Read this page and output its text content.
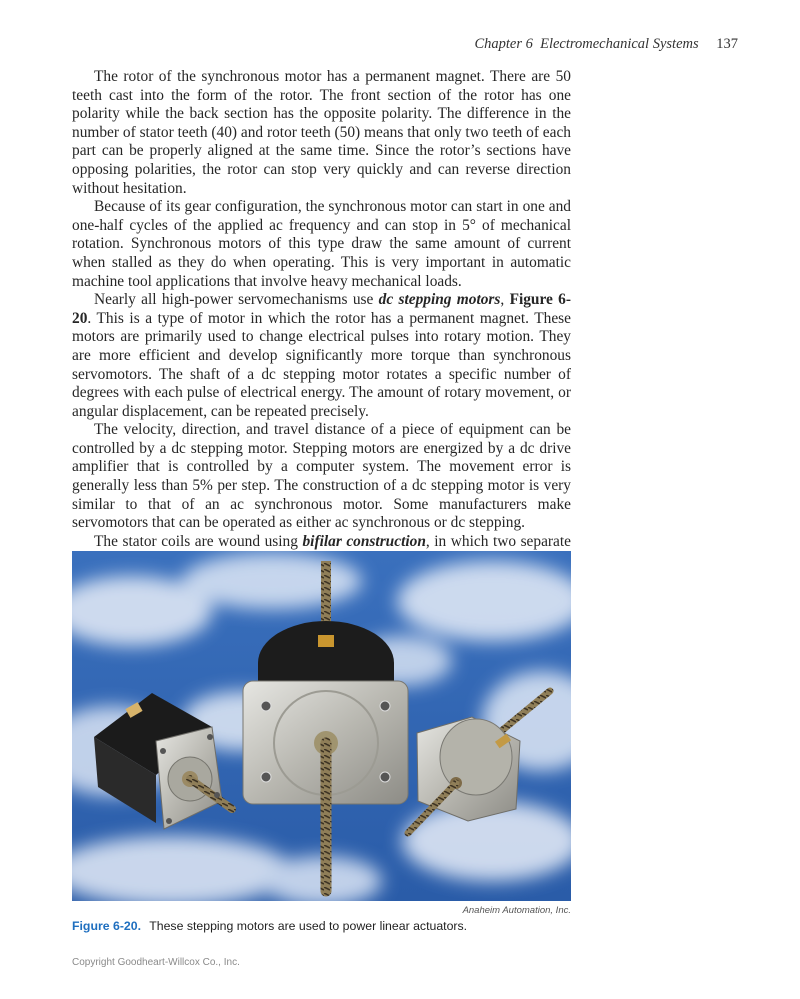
Chapter 6 Electromechanical Systems 137

The rotor of the synchronous motor has a permanent magnet. There are 50 teeth cast into the form of the rotor. The front section of the rotor has one polarity while the back section has the opposite polarity. The difference in the number of stator teeth (40) and rotor teeth (50) means that only two teeth of each part can be properly aligned at the same time. Since the rotor’s sections have opposing polarities, the rotor can stop very quickly and can reverse direction without hesitation.

Because of its gear configuration, the synchronous motor can start in one and one-half cycles of the applied ac frequency and can stop in 5° of mechanical rotation. Synchronous motors of this type draw the same amount of current when stalled as they do when operating. This is very important in automatic machine tool applications that involve heavy mechanical loads.

Nearly all high-power servomechanisms use dc stepping motors, Figure 6-20. This is a type of motor in which the rotor has a permanent magnet. These motors are primarily used to change electrical pulses into rotary motion. They are more efficient and develop significantly more torque than synchronous servomotors. The shaft of a dc stepping motor rotates a specific number of degrees with each pulse of electrical energy. The amount of rotary movement, or angular displacement, can be repeated precisely.

The velocity, direction, and travel distance of a piece of equipment can be controlled by a dc stepping motor. Stepping motors are energized by a dc drive amplifier that is controlled by a computer system. The movement error is generally less than 5% per step. The construction of a dc stepping motor is very similar to that of an ac synchronous motor. Some manufacturers make servomotors that can be operated as either ac synchronous or dc stepping.

The stator coils are wound using bifilar construction, in which two separate

Anaheim Automation, Inc.
Figure 6-20. These stepping motors are used to power linear actuators.
Copyright Goodheart-Willcox Co., Inc.
